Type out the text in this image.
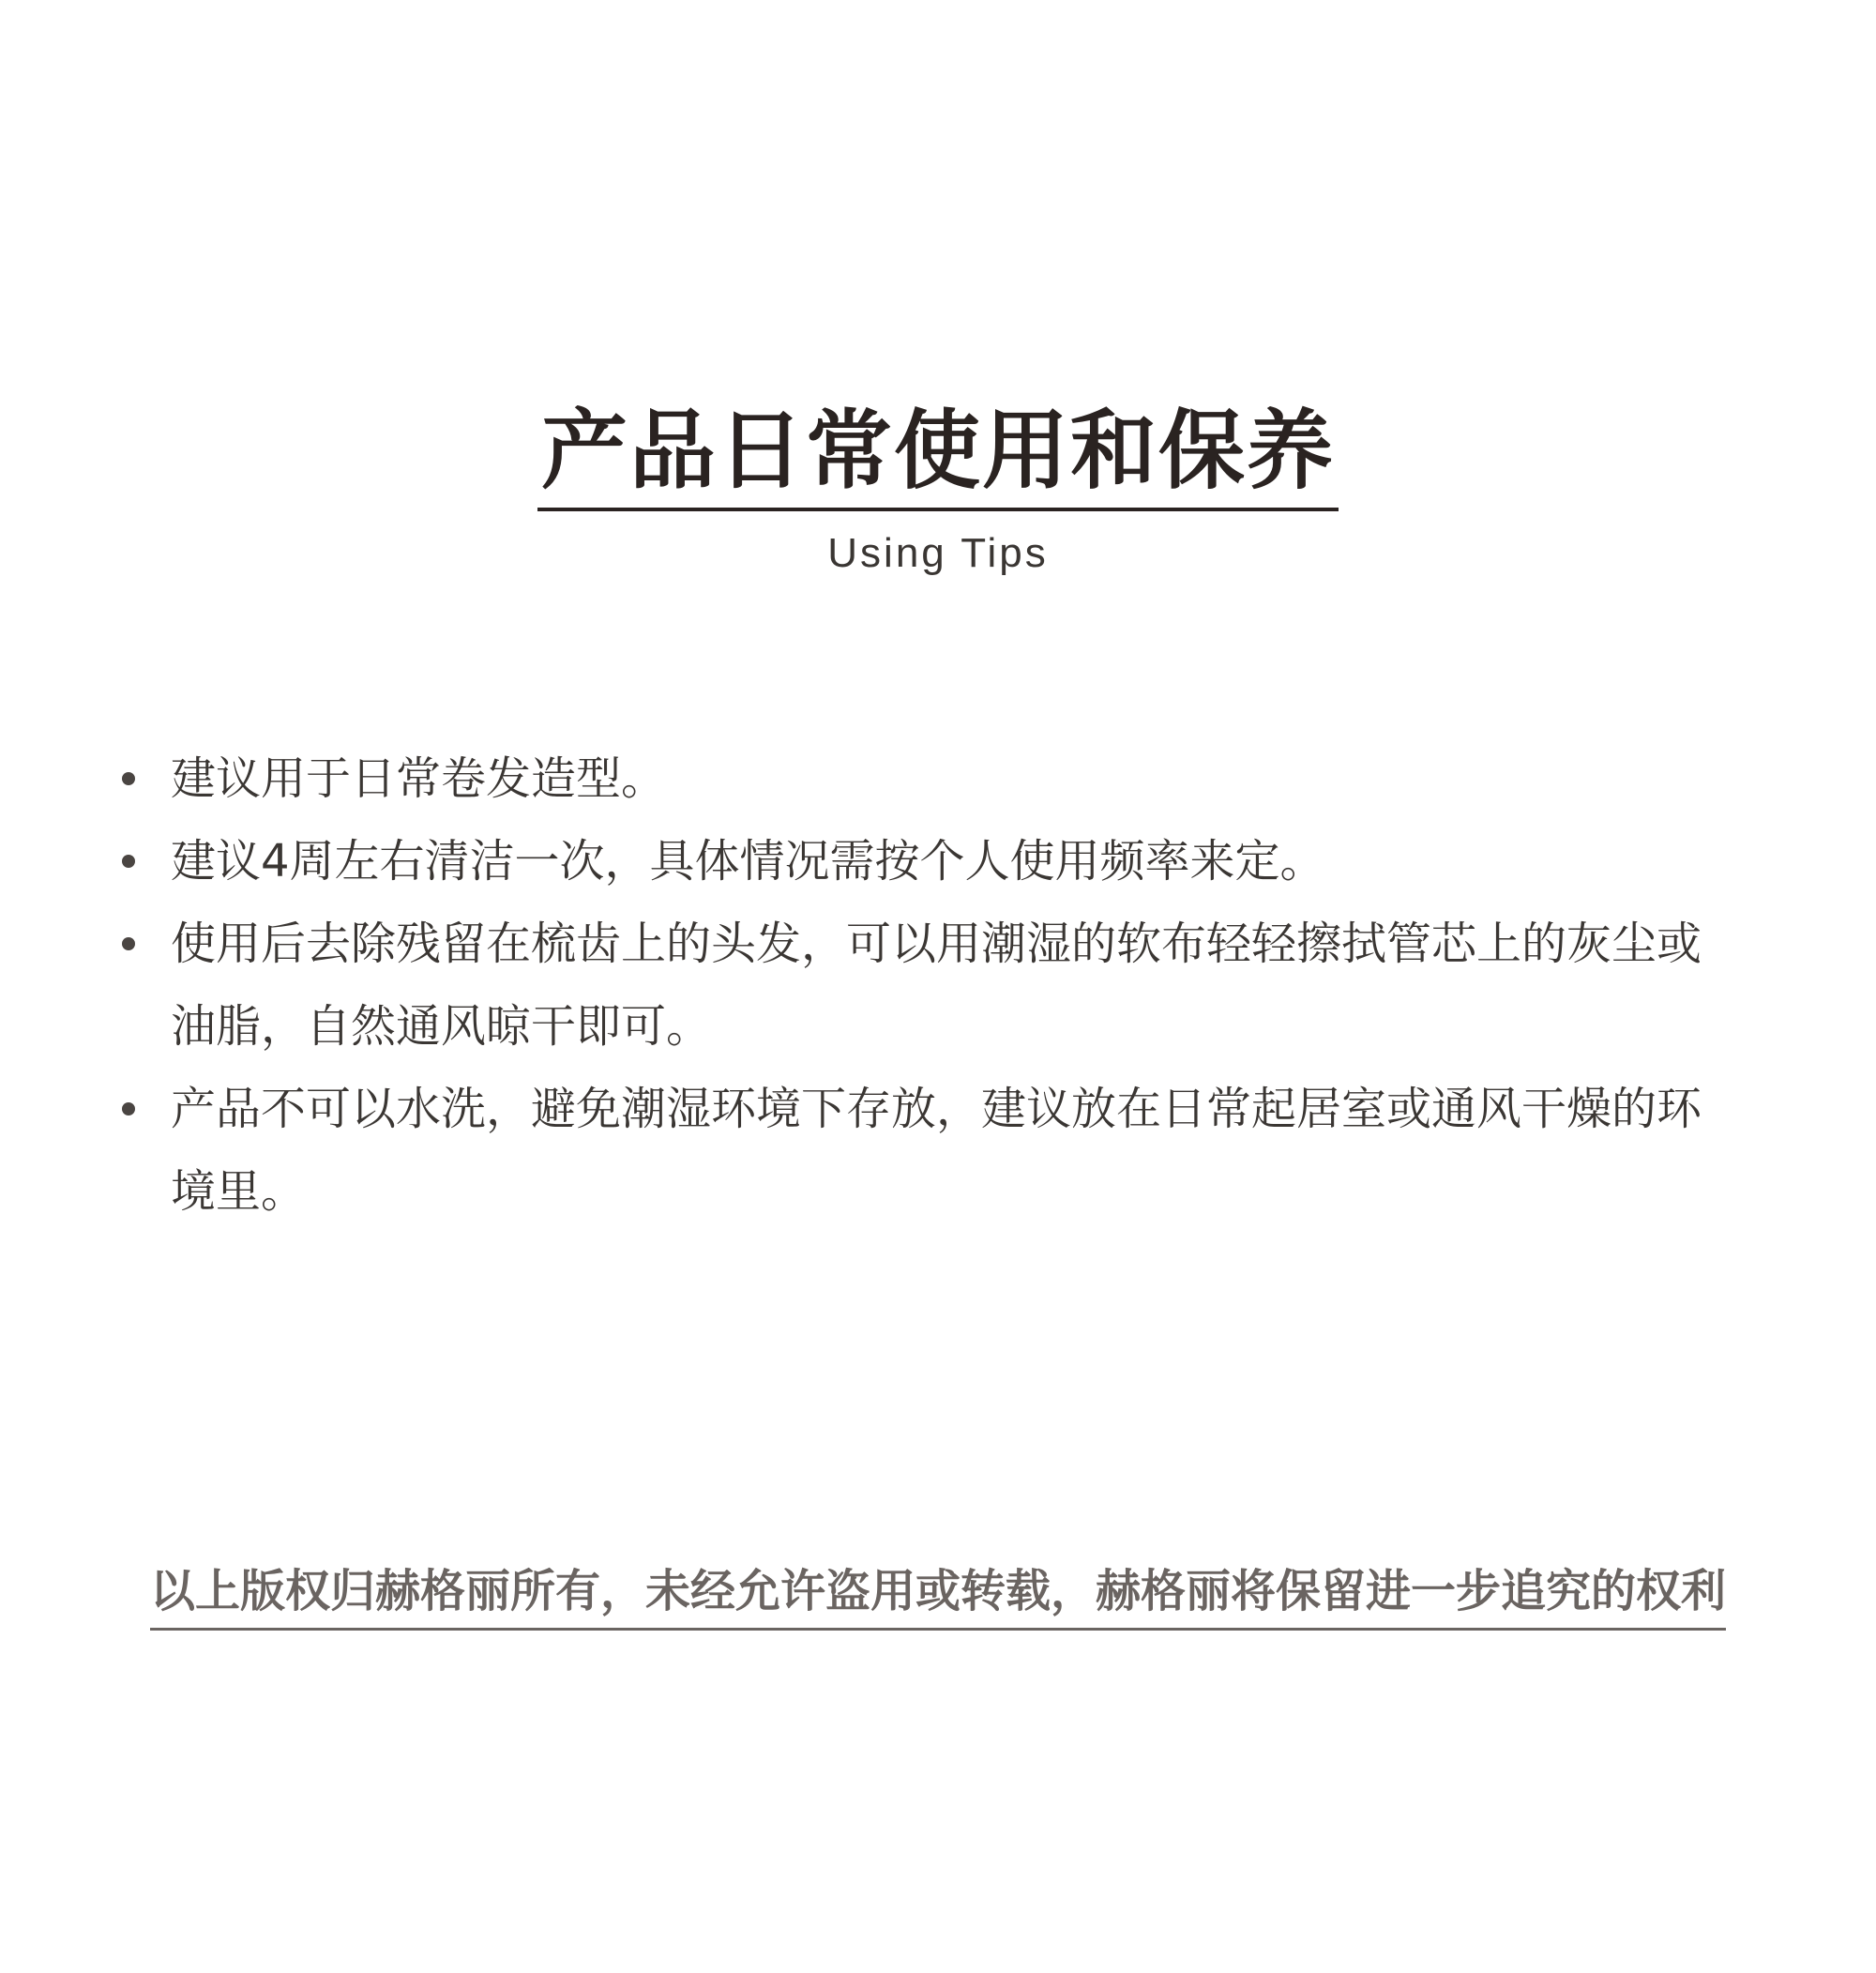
产品日常使用和保养
Using Tips
建议用于日常卷发造型。
建议4周左右清洁一次，具体情况需按个人使用频率来定。
使用后去除残留在梳齿上的头发，可以用潮湿的软布轻轻擦拭管芯上的灰尘或油脂，自然通风晾干即可。
产品不可以水洗，避免潮湿环境下存放，建议放在日常起居室或通风干燥的环境里。
以上版权归赫格丽所有，未经允许盗用或转载，赫格丽将保留进一步追究的权利
